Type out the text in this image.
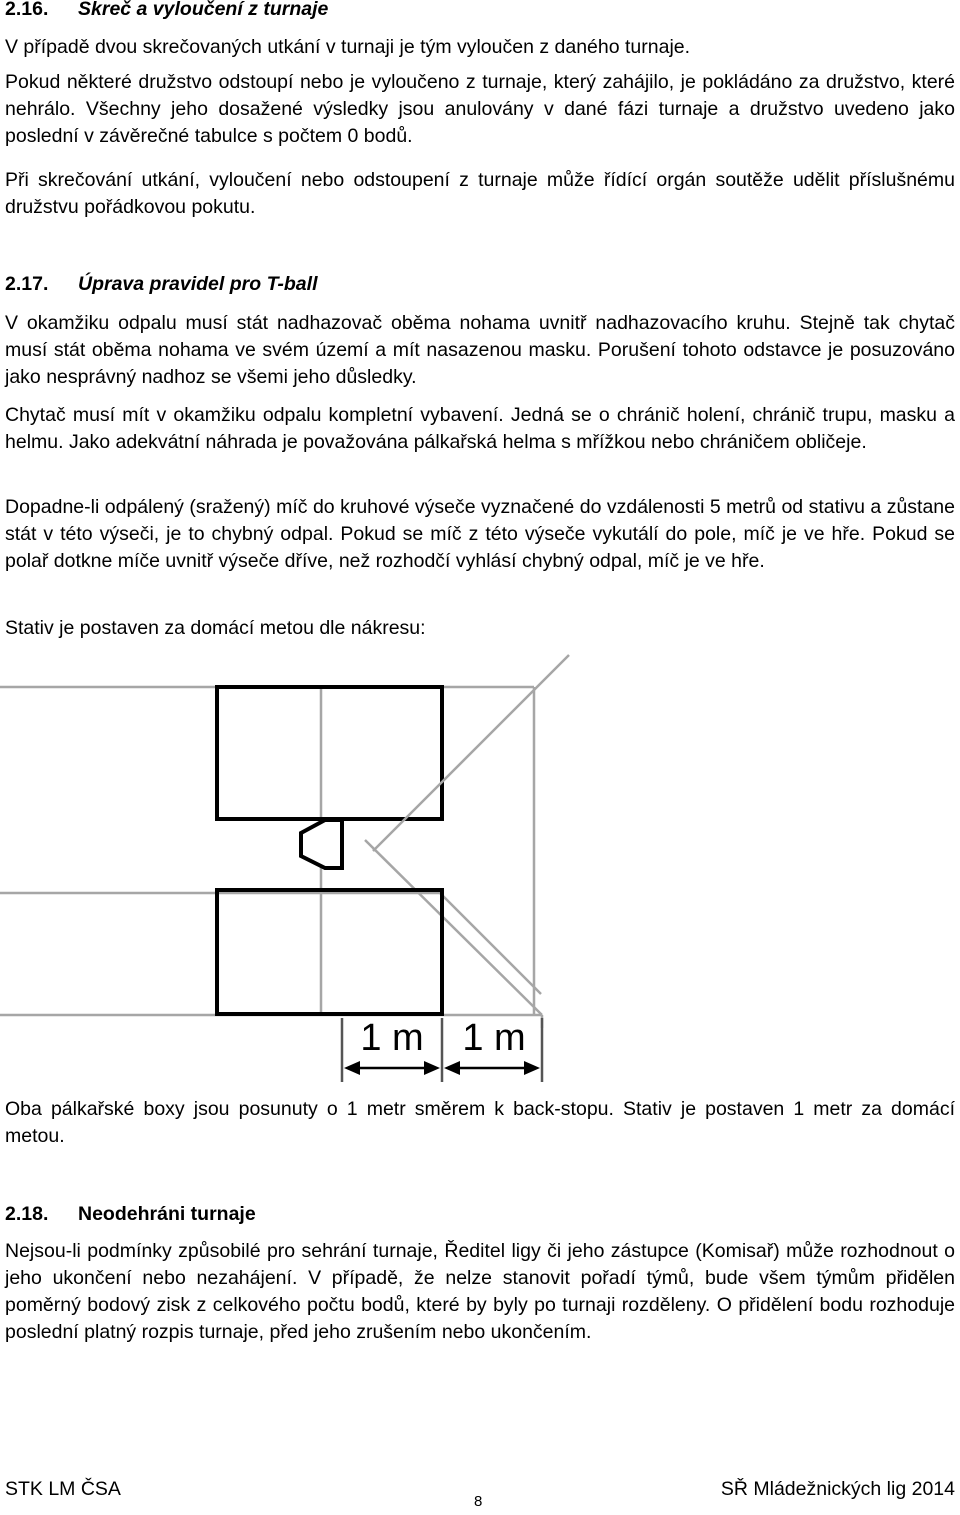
2.16. Skreč a vyloučení z turnaje

V případě dvou skrečovaných utkání v turnaji je tým vyloučen z daného turnaje.

Pokud některé družstvo odstoupí nebo je vyloučeno z turnaje, který zahájilo, je pokládáno za družstvo, které nehrálo. Všechny jeho dosažené výsledky jsou anulovány v dané fázi turnaje a družstvo uvedeno jako poslední v závěrečné tabulce s počtem 0 bodů.

Při skrečování utkání, vyloučení nebo odstoupení z turnaje může řídící orgán soutěže udělit příslušnému družstvu pořádkovou pokutu.

2.17. Úprava pravidel pro T-ball

V okamžiku odpalu musí stát nadhazovač oběma nohama uvnitř nadhazovacího kruhu. Stejně tak chytač musí stát oběma nohama ve svém území a mít nasazenou masku. Porušení tohoto odstavce je posuzováno jako nesprávný nadhoz se všemi jeho důsledky.

Chytač musí mít v okamžiku odpalu kompletní vybavení. Jedná se o chránič holení, chránič trupu, masku a helmu. Jako adekvátní náhrada je považována pálkařská helma s mřížkou nebo chráničem obličeje.

Dopadne-li odpálený (sražený) míč do kruhové výseče vyznačené do vzdálenosti 5 metrů od stativu a zůstane stát v této výseči, je to chybný odpal. Pokud se míč z této výseče vykutálí do pole, míč je ve hře. Pokud se polař dotkne míče uvnitř výseče dříve, než rozhodčí vyhlásí chybný odpal, míč je ve hře.

Stativ je postaven za domácí metou dle nákresu:

1 m 1 m

Oba pálkařské boxy jsou posunuty o 1 metr směrem k back-stopu. Stativ je postaven 1 metr za domácí metou.

2.18. Neodehráni turnaje

Nejsou-li podmínky způsobilé pro sehrání turnaje, Ředitel ligy či jeho zástupce (Komisař) může rozhodnout o jeho ukončení nebo nezahájení. V případě, že nelze stanovit pořadí týmů, bude všem týmům přidělen poměrný bodový zisk z celkového počtu bodů, které by byly po turnaji rozděleny. O přidělení bodu rozhoduje poslední platný rozpis turnaje, před jeho zrušením nebo ukončením.

STK LM ČSA
8
SŘ Mládežnických lig 2014
